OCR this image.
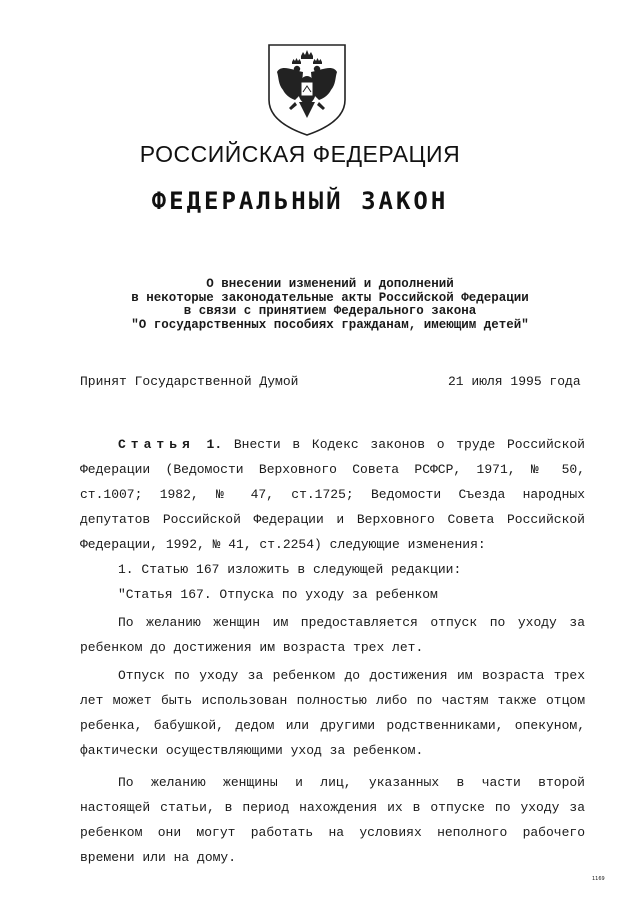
РОССИЙСКАЯ ФЕДЕРАЦИЯ
ФЕДЕРАЛЬНЫЙ ЗАКОН
О внесении изменений и дополнений
в некоторые законодательные акты Российской Федерации
в связи с принятием Федерального закона
"О государственных пособиях гражданам, имеющим детей"
Принят Государственной Думой	21 июля 1995 года

Статья 1. Внести в Кодекс законов о труде Российской Федерации (Ведомости Верховного Совета РСФСР, 1971, № 50, ст.1007; 1982, № 47, ст.1725; Ведомости Съезда народных депутатов Российской Федерации и Верховного Совета Российской Федерации, 1992, № 41, ст.2254) следующие изменения:

1. Статью 167 изложить в следующей редакции:

"Статья 167. Отпуска по уходу за ребенком

По желанию женщин им предоставляется отпуск по уходу за ребенком до достижения им возраста трех лет.

Отпуск по уходу за ребенком до достижения им возраста трех лет может быть использован полностью либо по частям также отцом ребенка, бабушкой, дедом или другими родственниками, опекуном, фактически осуществляющими уход за ребенком.

По желанию женщины и лиц, указанных в части второй настоящей статьи, в период нахождения их в отпуске по уходу за ребенком они могут работать на условиях неполного рабочего времени или на дому.

1169
